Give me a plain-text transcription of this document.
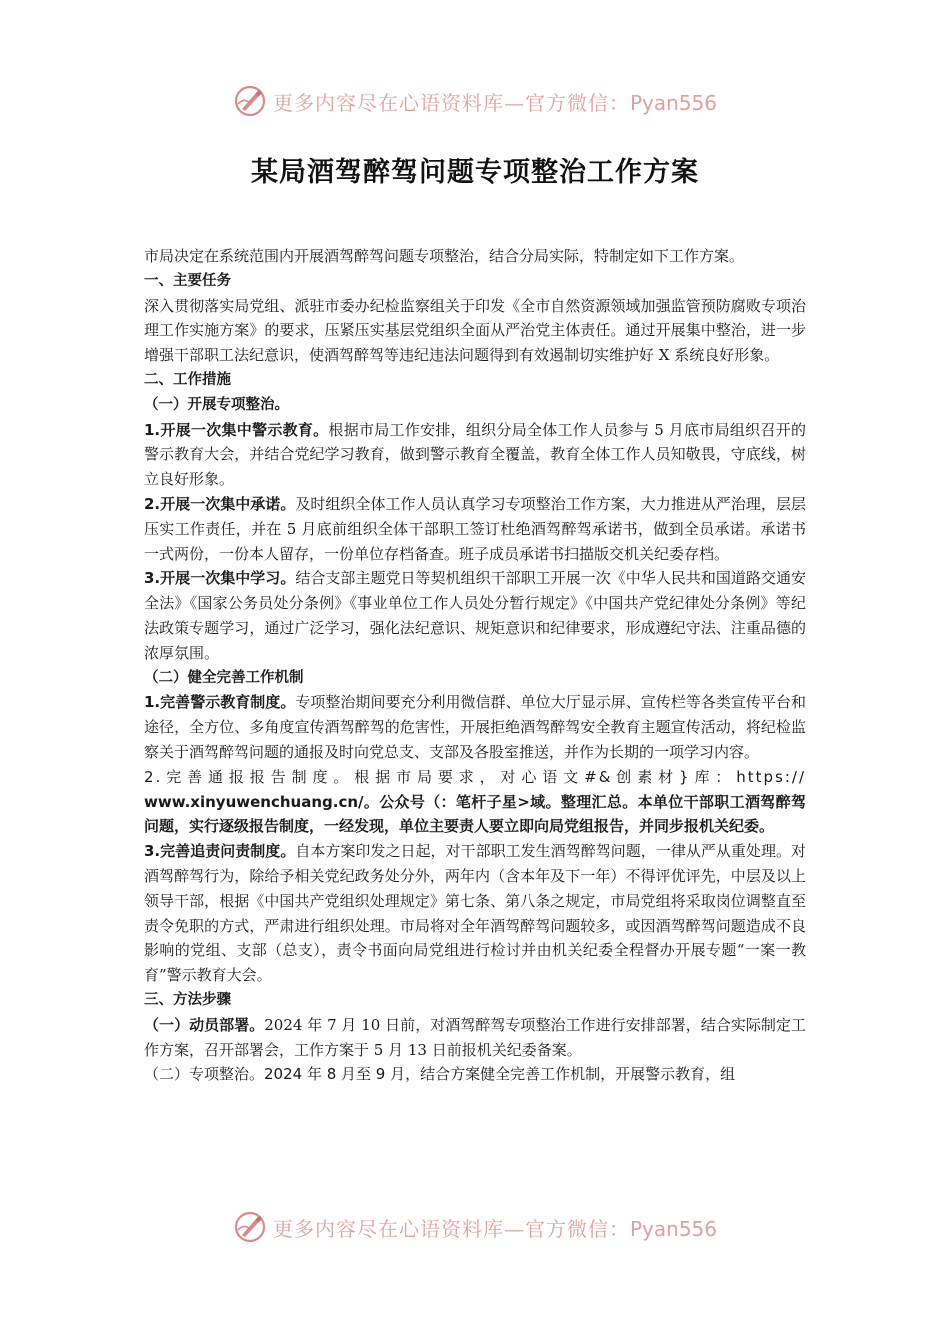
更多内容尽在心语资料库—官方微信：Pyan556
某局酒驾醉驾问题专项整治工作方案

市局决定在系统范围内开展酒驾醉驾问题专项整治，结合分局实际，特制定如下工作方案。

一、主要任务

深入贯彻落实局党组、派驻市委办纪检监察组关于印发《全市自然资源领域加强监管预防腐败专项治理工作实施方案》的要求，压紧压实基层党组织全面从严治党主体责任。通过开展集中整治，进一步增强干部职工法纪意识，使酒驾醉驾等违纪违法问题得到有效遏制切实维护好 X 系统良好形象。

二、工作措施

（一）开展专项整治。

1.开展一次集中警示教育。根据市局工作安排，组织分局全体工作人员参与 5 月底市局组织召开的警示教育大会，并结合党纪学习教育，做到警示教育全覆盖，教育全体工作人员知敬畏，守底线，树立良好形象。

2.开展一次集中承诺。及时组织全体工作人员认真学习专项整治工作方案，大力推进从严治理，层层压实工作责任，并在 5 月底前组织全体干部职工签订杜绝酒驾醉驾承诺书，做到全员承诺。承诺书一式两份，一份本人留存，一份单位存档备查。班子成员承诺书扫描版交机关纪委存档。

3.开展一次集中学习。结合支部主题党日等契机组织干部职工开展一次《中华人民共和国道路交通安全法》《国家公务员处分条例》《事业单位工作人员处分暂行规定》《中国共产党纪律处分条例》等纪法政策专题学习，通过广泛学习，强化法纪意识、规矩意识和纪律要求，形成遵纪守法、注重品德的浓厚氛围。

（二）健全完善工作机制

1.完善警示教育制度。专项整治期间要充分利用微信群、单位大厅显示屏、宣传栏等各类宣传平台和途径，全方位、多角度宣传酒驾醉驾的危害性，开展拒绝酒驾醉驾安全教育主题宣传活动，将纪检监察关于酒驾醉驾问题的通报及时向党总支、支部及各股室推送，并作为长期的一项学习内容。

2.完善通报报告制度。根据市局要求，对心语文#&创素材}库：https://
www.xinyuwenchuang.cn/。公众号（：笔杆子星>域。整理汇总。本单位干部职工酒驾醉驾问题，实行逐级报告制度，一经发现，单位主要责人要立即向局党组报告，并同步报机关纪委。

3.完善追责问责制度。自本方案印发之日起，对干部职工发生酒驾醉驾问题，一律从严从重处理。对酒驾醉驾行为，除给予相关党纪政务处分外，两年内（含本年及下一年）不得评优评先，中层及以上领导干部，根据《中国共产党组织处理规定》第七条、第八条之规定，市局党组将采取岗位调整直至责令免职的方式，严肃进行组织处理。市局将对全年酒驾醉驾问题较多，或因酒驾醉驾问题造成不良影响的党组、支部（总支），责令书面向局党组进行检讨并由机关纪委全程督办开展专题“一案一教育”警示教育大会。

三、方法步骤

（一）动员部署。2024 年 7 月 10 日前，对酒驾醉驾专项整治工作进行安排部署，结合实际制定工作方案，召开部署会，工作方案于 5 月 13 日前报机关纪委备案。

（二）专项整治。2024 年 8 月至 9 月，结合方案健全完善工作机制，开展警示教育，组

更多内容尽在心语资料库—官方微信：Pyan556
